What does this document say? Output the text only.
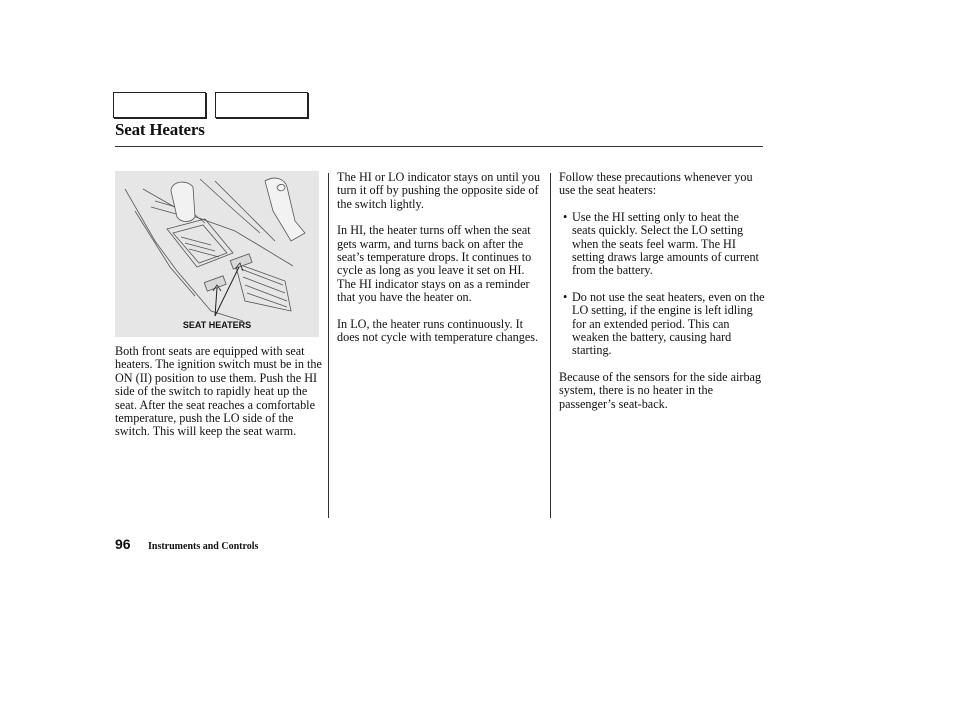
Seat Heaters
SEAT HEATERS

Both front seats are equipped with seat heaters. The ignition switch must be in the ON (II) position to use them. Push the HI side of the switch to rapidly heat up the seat. After the seat reaches a comfortable temperature, push the LO side of the switch. This will keep the seat warm.

The HI or LO indicator stays on until you turn it off by pushing the opposite side of the switch lightly.

In HI, the heater turns off when the seat gets warm, and turns back on after the seat’s temperature drops. It continues to cycle as long as you leave it set on HI. The HI indicator stays on as a reminder that you have the heater on.

In LO, the heater runs continuously. It does not cycle with temperature changes.

Follow these precautions whenever you use the seat heaters:

• Use the HI setting only to heat the seats quickly. Select the LO setting when the seats feel warm. The HI setting draws large amounts of current from the battery.
• Do not use the seat heaters, even on the LO setting, if the engine is left idling for an extended period. This can weaken the battery, causing hard starting.

Because of the sensors for the side airbag system, there is no heater in the passenger’s seat-back.

96 Instruments and Controls
